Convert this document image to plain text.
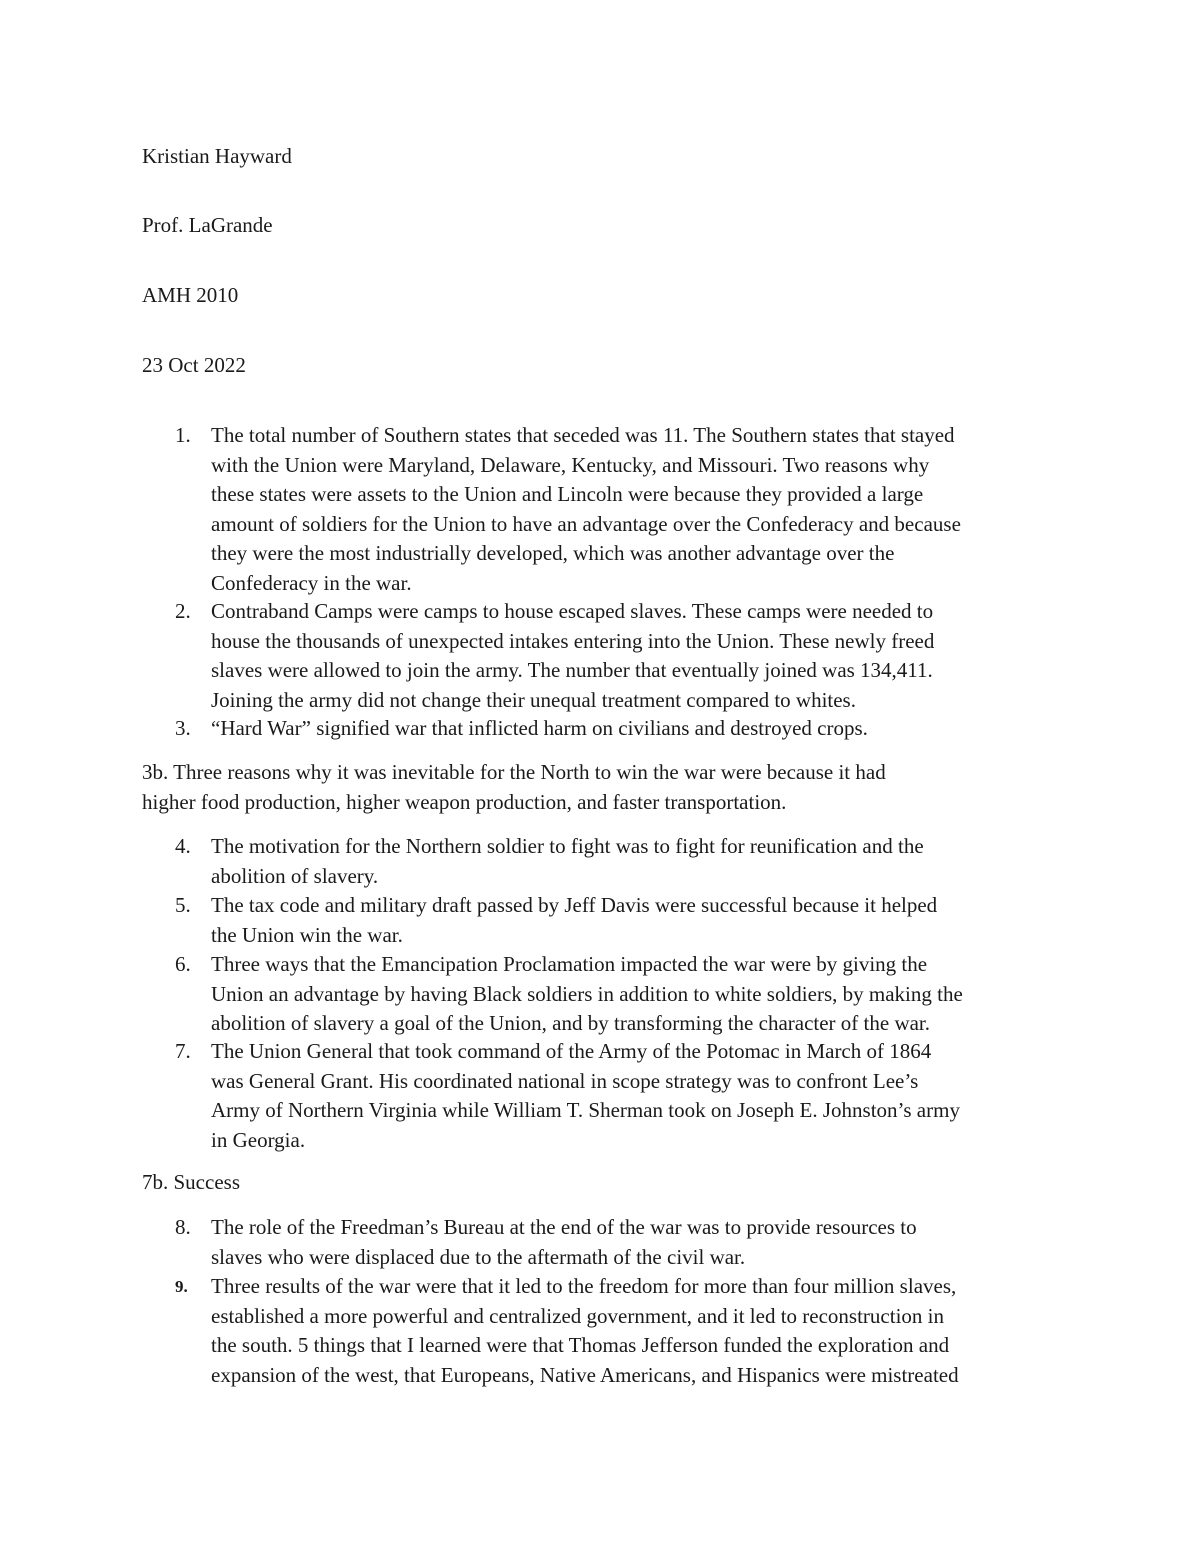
Kristian Hayward
Prof. LaGrande
AMH 2010
23 Oct 2022
1. The total number of Southern states that seceded was 11. The Southern states that stayed
with the Union were Maryland, Delaware, Kentucky, and Missouri. Two reasons why
these states were assets to the Union and Lincoln were because they provided a large
amount of soldiers for the Union to have an advantage over the Confederacy and because
they were the most industrially developed, which was another advantage over the
Confederacy in the war.
2. Contraband Camps were camps to house escaped slaves. These camps were needed to
house the thousands of unexpected intakes entering into the Union. These newly freed
slaves were allowed to join the army. The number that eventually joined was 134,411.
Joining the army did not change their unequal treatment compared to whites.
3. “Hard War” signified war that inflicted harm on civilians and destroyed crops.
3b. Three reasons why it was inevitable for the North to win the war were because it had
higher food production, higher weapon production, and faster transportation.
4. The motivation for the Northern soldier to fight was to fight for reunification and the
abolition of slavery.
5. The tax code and military draft passed by Jeff Davis were successful because it helped
the Union win the war.
6. Three ways that the Emancipation Proclamation impacted the war were by giving the
Union an advantage by having Black soldiers in addition to white soldiers, by making the
abolition of slavery a goal of the Union, and by transforming the character of the war.
7. The Union General that took command of the Army of the Potomac in March of 1864
was General Grant. His coordinated national in scope strategy was to confront Lee’s
Army of Northern Virginia while William T. Sherman took on Joseph E. Johnston’s army
in Georgia.
7b. Success
8. The role of the Freedman’s Bureau at the end of the war was to provide resources to
slaves who were displaced due to the aftermath of the civil war.
9.	Three results of the war were that it led to the freedom for more than four million slaves,
established a more powerful and centralized government, and it led to reconstruction in
the south. 5 things that I learned were that Thomas Jefferson funded the exploration and
expansion of the west, that Europeans, Native Americans, and Hispanics were mistreated
